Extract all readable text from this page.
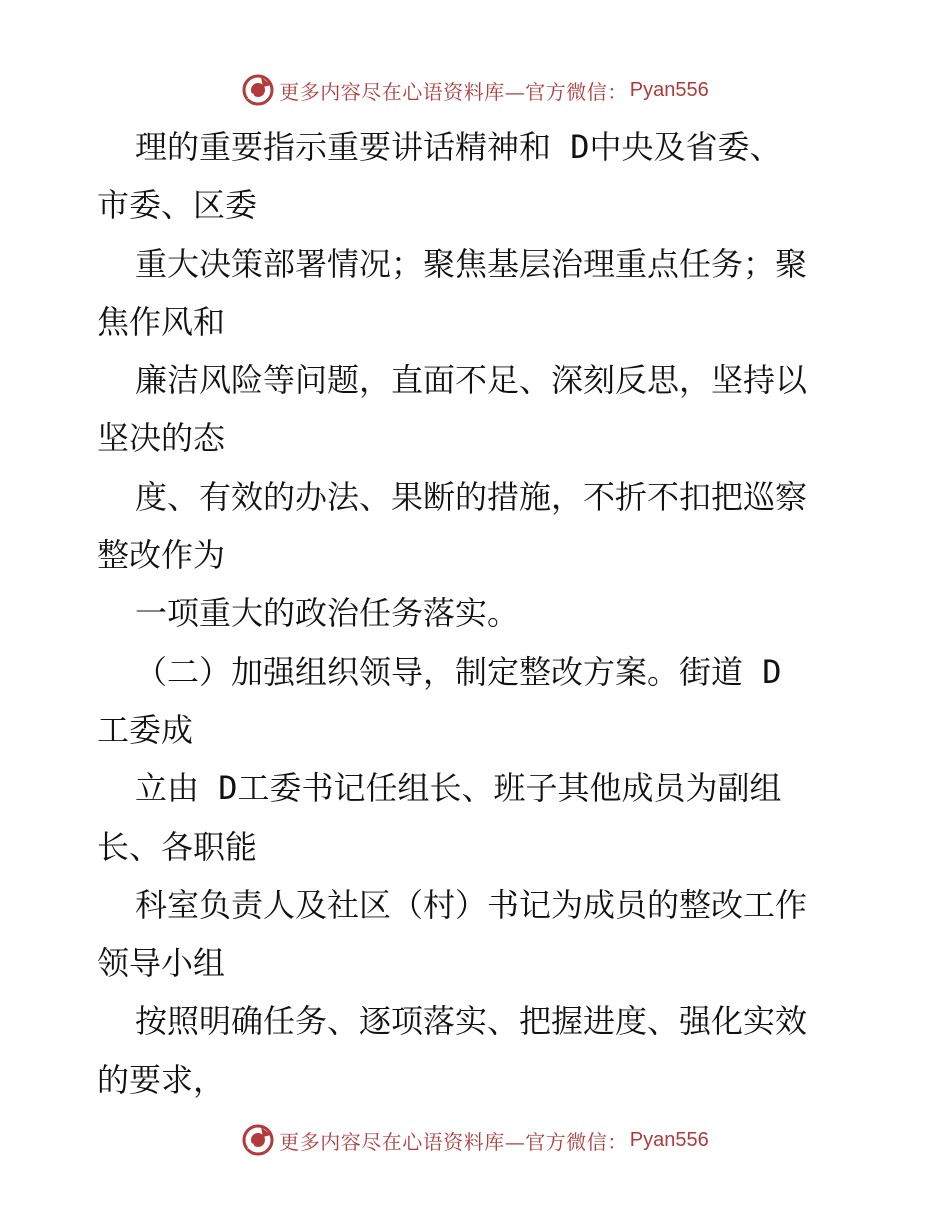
更多内容尽在心语资料库—官方微信： Pyan556
理的重要指示重要讲话精神和 D中央及省委、
市委、区委
重大决策部署情况；聚焦基层治理重点任务；聚
焦作风和
廉洁风险等问题，直面不足、深刻反思，坚持以
坚决的态
度、有效的办法、果断的措施，不折不扣把巡察
整改作为
一项重大的政治任务落实。
（二）加强组织领导，制定整改方案。街道 D
工委成
立由 D工委书记任组长、班子其他成员为副组
长、各职能
科室负责人及社区（村）书记为成员的整改工作
领导小组
按照明确任务、逐项落实、把握进度、强化实效
的要求，
更多内容尽在心语资料库—官方微信： Pyan556
